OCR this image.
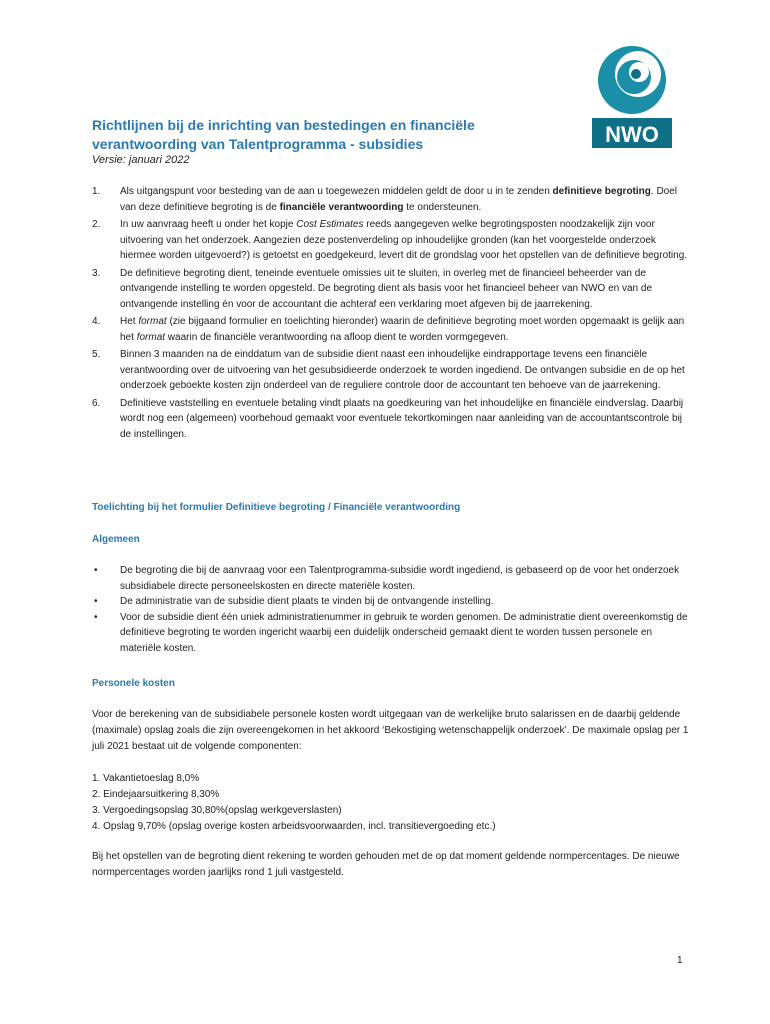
NWO
Richtlijnen bij de inrichting van bestedingen en financiële verantwoording van Talentprogramma - subsidies
Versie: januari 2022
1. Als uitgangspunt voor besteding van de aan u toegewezen middelen geldt de door u in te zenden definitieve begroting. Doel van deze definitieve begroting is de financiële verantwoording te ondersteunen.
2. In uw aanvraag heeft u onder het kopje Cost Estimates reeds aangegeven welke begrotingsposten noodzakelijk zijn voor uitvoering van het onderzoek. Aangezien deze postenverdeling op inhoudelijke gronden (kan het voorgestelde onderzoek hiermee worden uitgevoerd?) is getoetst en goedgekeurd, levert dit de grondslag voor het opstellen van de definitieve begroting.
3. De definitieve begroting dient, teneinde eventuele omissies uit te sluiten, in overleg met de financieel beheerder van de ontvangende instelling te worden opgesteld. De begroting dient als basis voor het financieel beheer van NWO en van de ontvangende instelling én voor de accountant die achteraf een verklaring moet afgeven bij de jaarrekening.
4. Het format (zie bijgaand formulier en toelichting hieronder) waarin de definitieve begroting moet worden opgemaakt is gelijk aan het format waarin de financiële verantwoording na afloop dient te worden vormgegeven.
5. Binnen 3 maanden na de einddatum van de subsidie dient naast een inhoudelijke eindrapportage tevens een financiële verantwoording over de uitvoering van het gesubsidieerde onderzoek te worden ingediend. De ontvangen subsidie en de op het onderzoek geboekte kosten zijn onderdeel van de reguliere controle door de accountant ten behoeve van de jaarrekening.
6. Definitieve vaststelling en eventuele betaling vindt plaats na goedkeuring van het inhoudelijke en financiële eindverslag. Daarbij wordt nog een (algemeen) voorbehoud gemaakt voor eventuele tekortkomingen naar aanleiding van de accountantscontrole bij de instellingen.
Toelichting bij het formulier Definitieve begroting / Financiële verantwoording
Algemeen
• De begroting die bij de aanvraag voor een Talentprogramma-subsidie wordt ingediend, is gebaseerd op de voor het onderzoek subsidiabele directe personeelskosten en directe materiële kosten.
• De administratie van de subsidie dient plaats te vinden bij de ontvangende instelling.
• Voor de subsidie dient één uniek administratienummer in gebruik te worden genomen. De administratie dient overeenkomstig de definitieve begroting te worden ingericht waarbij een duidelijk onderscheid gemaakt dient te worden tussen personele en materiële kosten.
Personele kosten

Voor de berekening van de subsidiabele personele kosten wordt uitgegaan van de werkelijke bruto salarissen en de daarbij geldende (maximale) opslag zoals die zijn overeengekomen in het akkoord ‘Bekostiging wetenschappelijk onderzoek’. De maximale opslag per 1 juli 2021 bestaat uit de volgende componenten:

1. Vakantietoeslag 8,0%
2. Eindejaarsuitkering 8,30%
3. Vergoedingsopslag 30,80%(opslag werkgeverslasten)
4. Opslag 9,70% (opslag overige kosten arbeidsvoorwaarden, incl. transitievergoeding etc.)

Bij het opstellen van de begroting dient rekening te worden gehouden met de op dat moment geldende normpercentages. De nieuwe normpercentages worden jaarlijks rond 1 juli vastgesteld.

1
